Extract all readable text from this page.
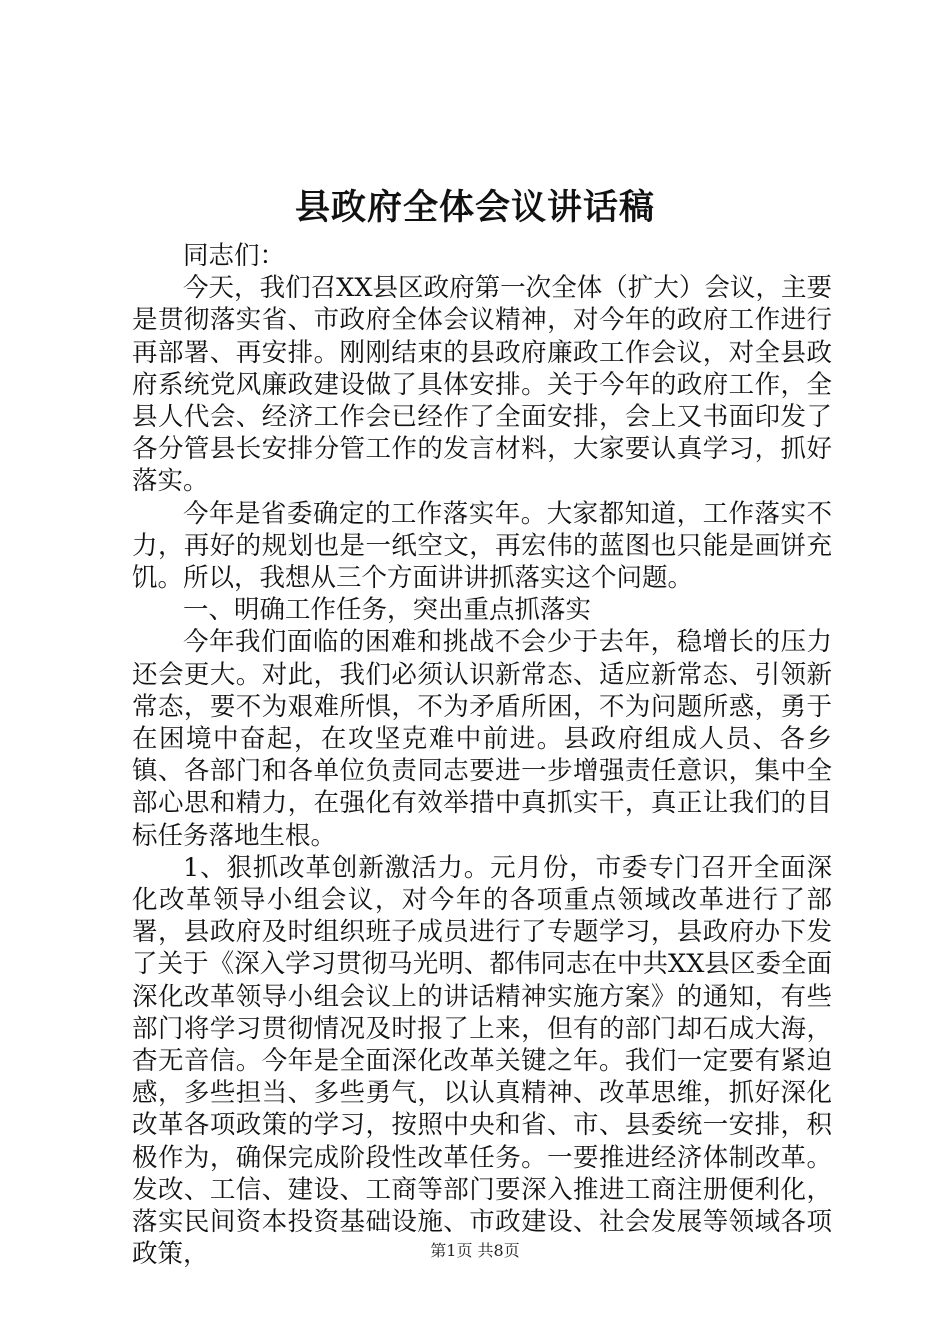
县政府全体会议讲话稿

同志们：

今天，我们召XX县区政府第一次全体（扩大）会议，主要是贯彻落实省、市政府全体会议精神，对今年的政府工作进行再部署、再安排。刚刚结束的县政府廉政工作会议，对全县政府系统党风廉政建设做了具体安排。关于今年的政府工作，全县人代会、经济工作会已经作了全面安排，会上又书面印发了各分管县长安排分管工作的发言材料，大家要认真学习，抓好落实。

今年是省委确定的工作落实年。大家都知道，工作落实不力，再好的规划也是一纸空文，再宏伟的蓝图也只能是画饼充饥。所以，我想从三个方面讲讲抓落实这个问题。

一、明确工作任务，突出重点抓落实

今年我们面临的困难和挑战不会少于去年，稳增长的压力还会更大。对此，我们必须认识新常态、适应新常态、引领新常态，要不为艰难所惧，不为矛盾所困，不为问题所惑，勇于在困境中奋起，在攻坚克难中前进。县政府组成人员、各乡镇、各部门和各单位负责同志要进一步增强责任意识，集中全部心思和精力，在强化有效举措中真抓实干，真正让我们的目标任务落地生根。

1、狠抓改革创新激活力。元月份，市委专门召开全面深化改革领导小组会议，对今年的各项重点领域改革进行了部署，县政府及时组织班子成员进行了专题学习，县政府办下发了关于《深入学习贯彻马光明、都伟同志在中共XX县区委全面深化改革领导小组会议上的讲话精神实施方案》的通知，有些部门将学习贯彻情况及时报了上来，但有的部门却石成大海，杳无音信。今年是全面深化改革关键之年。我们一定要有紧迫感，多些担当、多些勇气，以认真精神、改革思维，抓好深化改革各项政策的学习，按照中央和省、市、县委统一安排，积极作为，确保完成阶段性改革任务。一要推进经济体制改革。发改、工信、建设、工商等部门要深入推进工商注册便利化，落实民间资本投资基础设施、市政建设、社会发展等领域各项政策，	第1页 共8页
